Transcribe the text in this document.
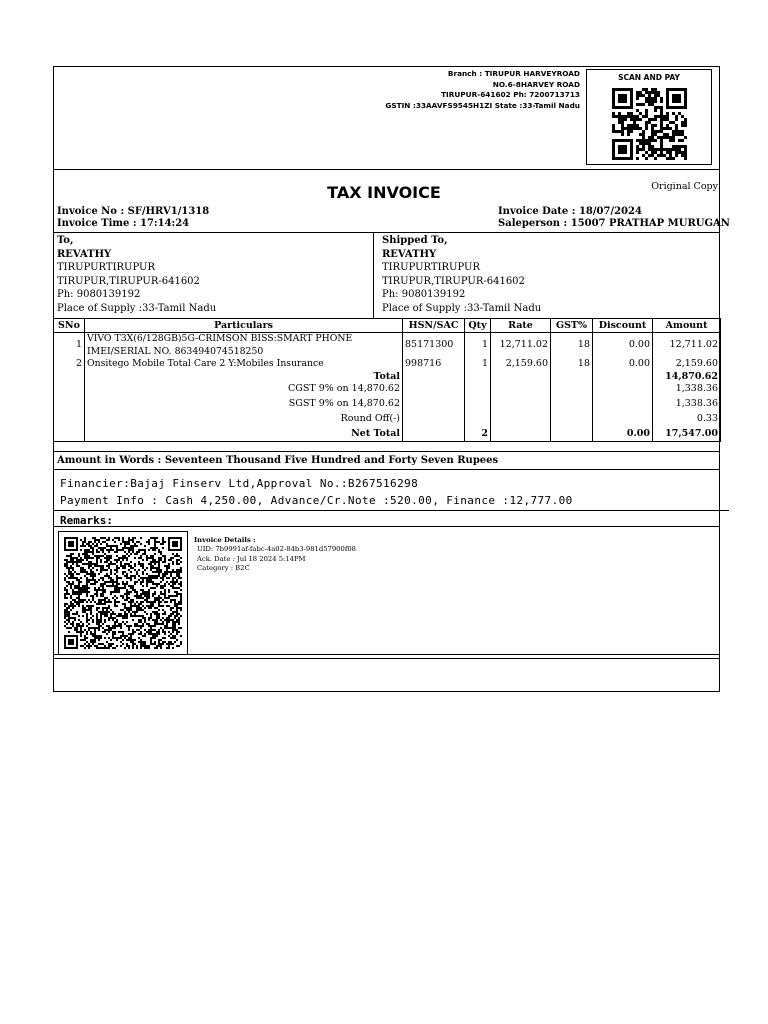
Branch : TIRUPUR HARVEYROAD
NO.6-8HARVEY ROAD
TIRUPUR-641602 Ph: 7200713713
GSTIN :33AAVFS9545H1ZI State :33-Tamil Nadu
SCAN AND PAY
TAX INVOICE	Original Copy
Invoice No : SF/HRV1/1318
Invoice Time : 17:14:24
Invoice Date : 18/07/2024
Saleperson : 15007 PRATHAP MURUGAN
To,
REVATHY
TIRUPURTIRUPUR
TIRUPUR,TIRUPUR-641602
Ph: 9080139192
Place of Supply :33-Tamil Nadu
Shipped To,
REVATHY
TIRUPURTIRUPUR
TIRUPUR,TIRUPUR-641602
Ph: 9080139192
Place of Supply :33-Tamil Nadu
SNo	Particulars	HSN/SAC	Qty	Rate	GST%	Discount	Amount
1	VIVO T3X(6/128GB)5G-CRIMSON BISS:SMART PHONE
IMEI/SERIAL NO. 863494074518250	85171300	1	12,711.02	18	0.00	12,711.02
2	Onsitego Mobile Total Care 2 Y:Mobiles Insurance	998716	1	2,159.60	18	0.00	2,159.60
	Total						14,870.62
	CGST 9% on 14,870.62						1,338.36
	SGST 9% on 14,870.62						1,338.36
	Round Off(-)						0.33
	Net Total		2			0.00	17,547.00
Amount in Words : Seventeen Thousand Five Hundred and Forty Seven Rupees
Financier:Bajaj Finserv Ltd,Approval No.:B267516298
Payment Info : Cash 4,250.00, Advance/Cr.Note :520.00, Finance :12,777.00
Remarks:
Invoice Details :
UID: 7b9991af-fabc-4a02-84b3-981d57900f08
Ack. Date : Jul 18 2024 5:14PM
Category : B2C
